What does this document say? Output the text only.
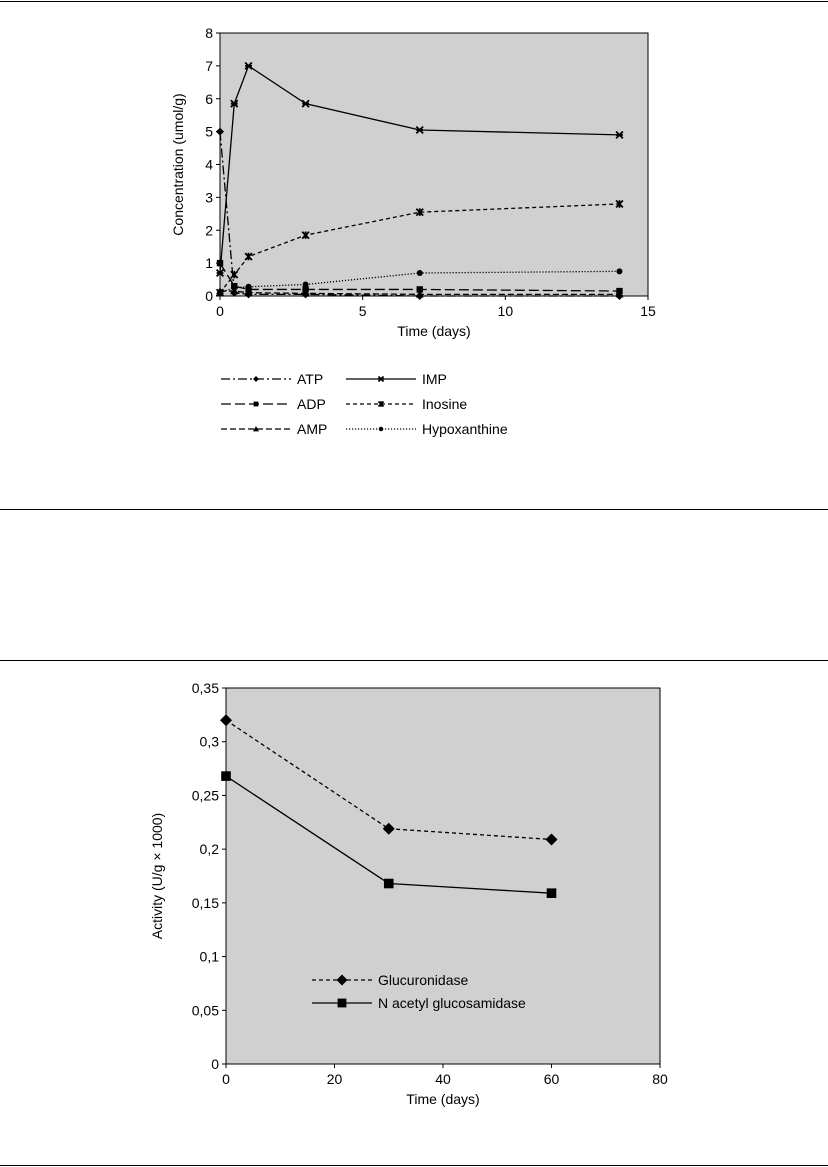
0
1
2
3
4
5
6
7
8
0	5	10	15
Time (days)
Concentration (umol/g)
ATP
ADP
AMP
IMP
Inosine
Hypoxanthine
0
0,05
0,1
0,15
0,2
0,25
0,3
0,35
0	20	40	60	80
Time (days)
Activity (U/g × 1000)
Glucuronidase
N acetyl glucosamidase
